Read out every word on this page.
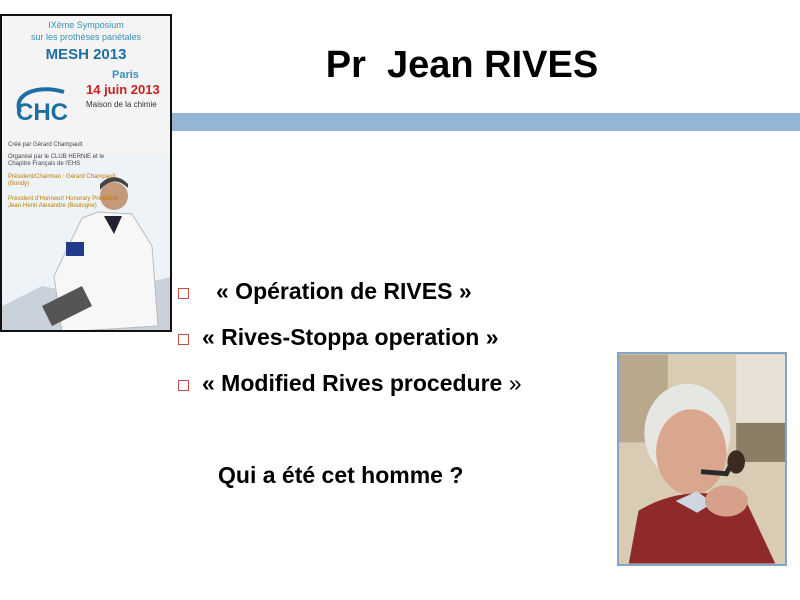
IXème Symposium
sur les prothèses pariétales
MESH 2013
CHC
Paris
14 juin 2013
Maison de la chimie
Créé par Gérard Champault
Organisé par le CLUB HERNIE et le Chapitre Français de l'EHS
Président/Chairman : Gérard Champault (Bondy)
Président d'Honneur/ Honorary President : Jean-Henri Alexandre (Boulogne)
Pr  Jean RIVES

« Opération de RIVES »

« Rives-Stoppa operation »

« Modified Rives procedure »

Qui a été cet homme ?
